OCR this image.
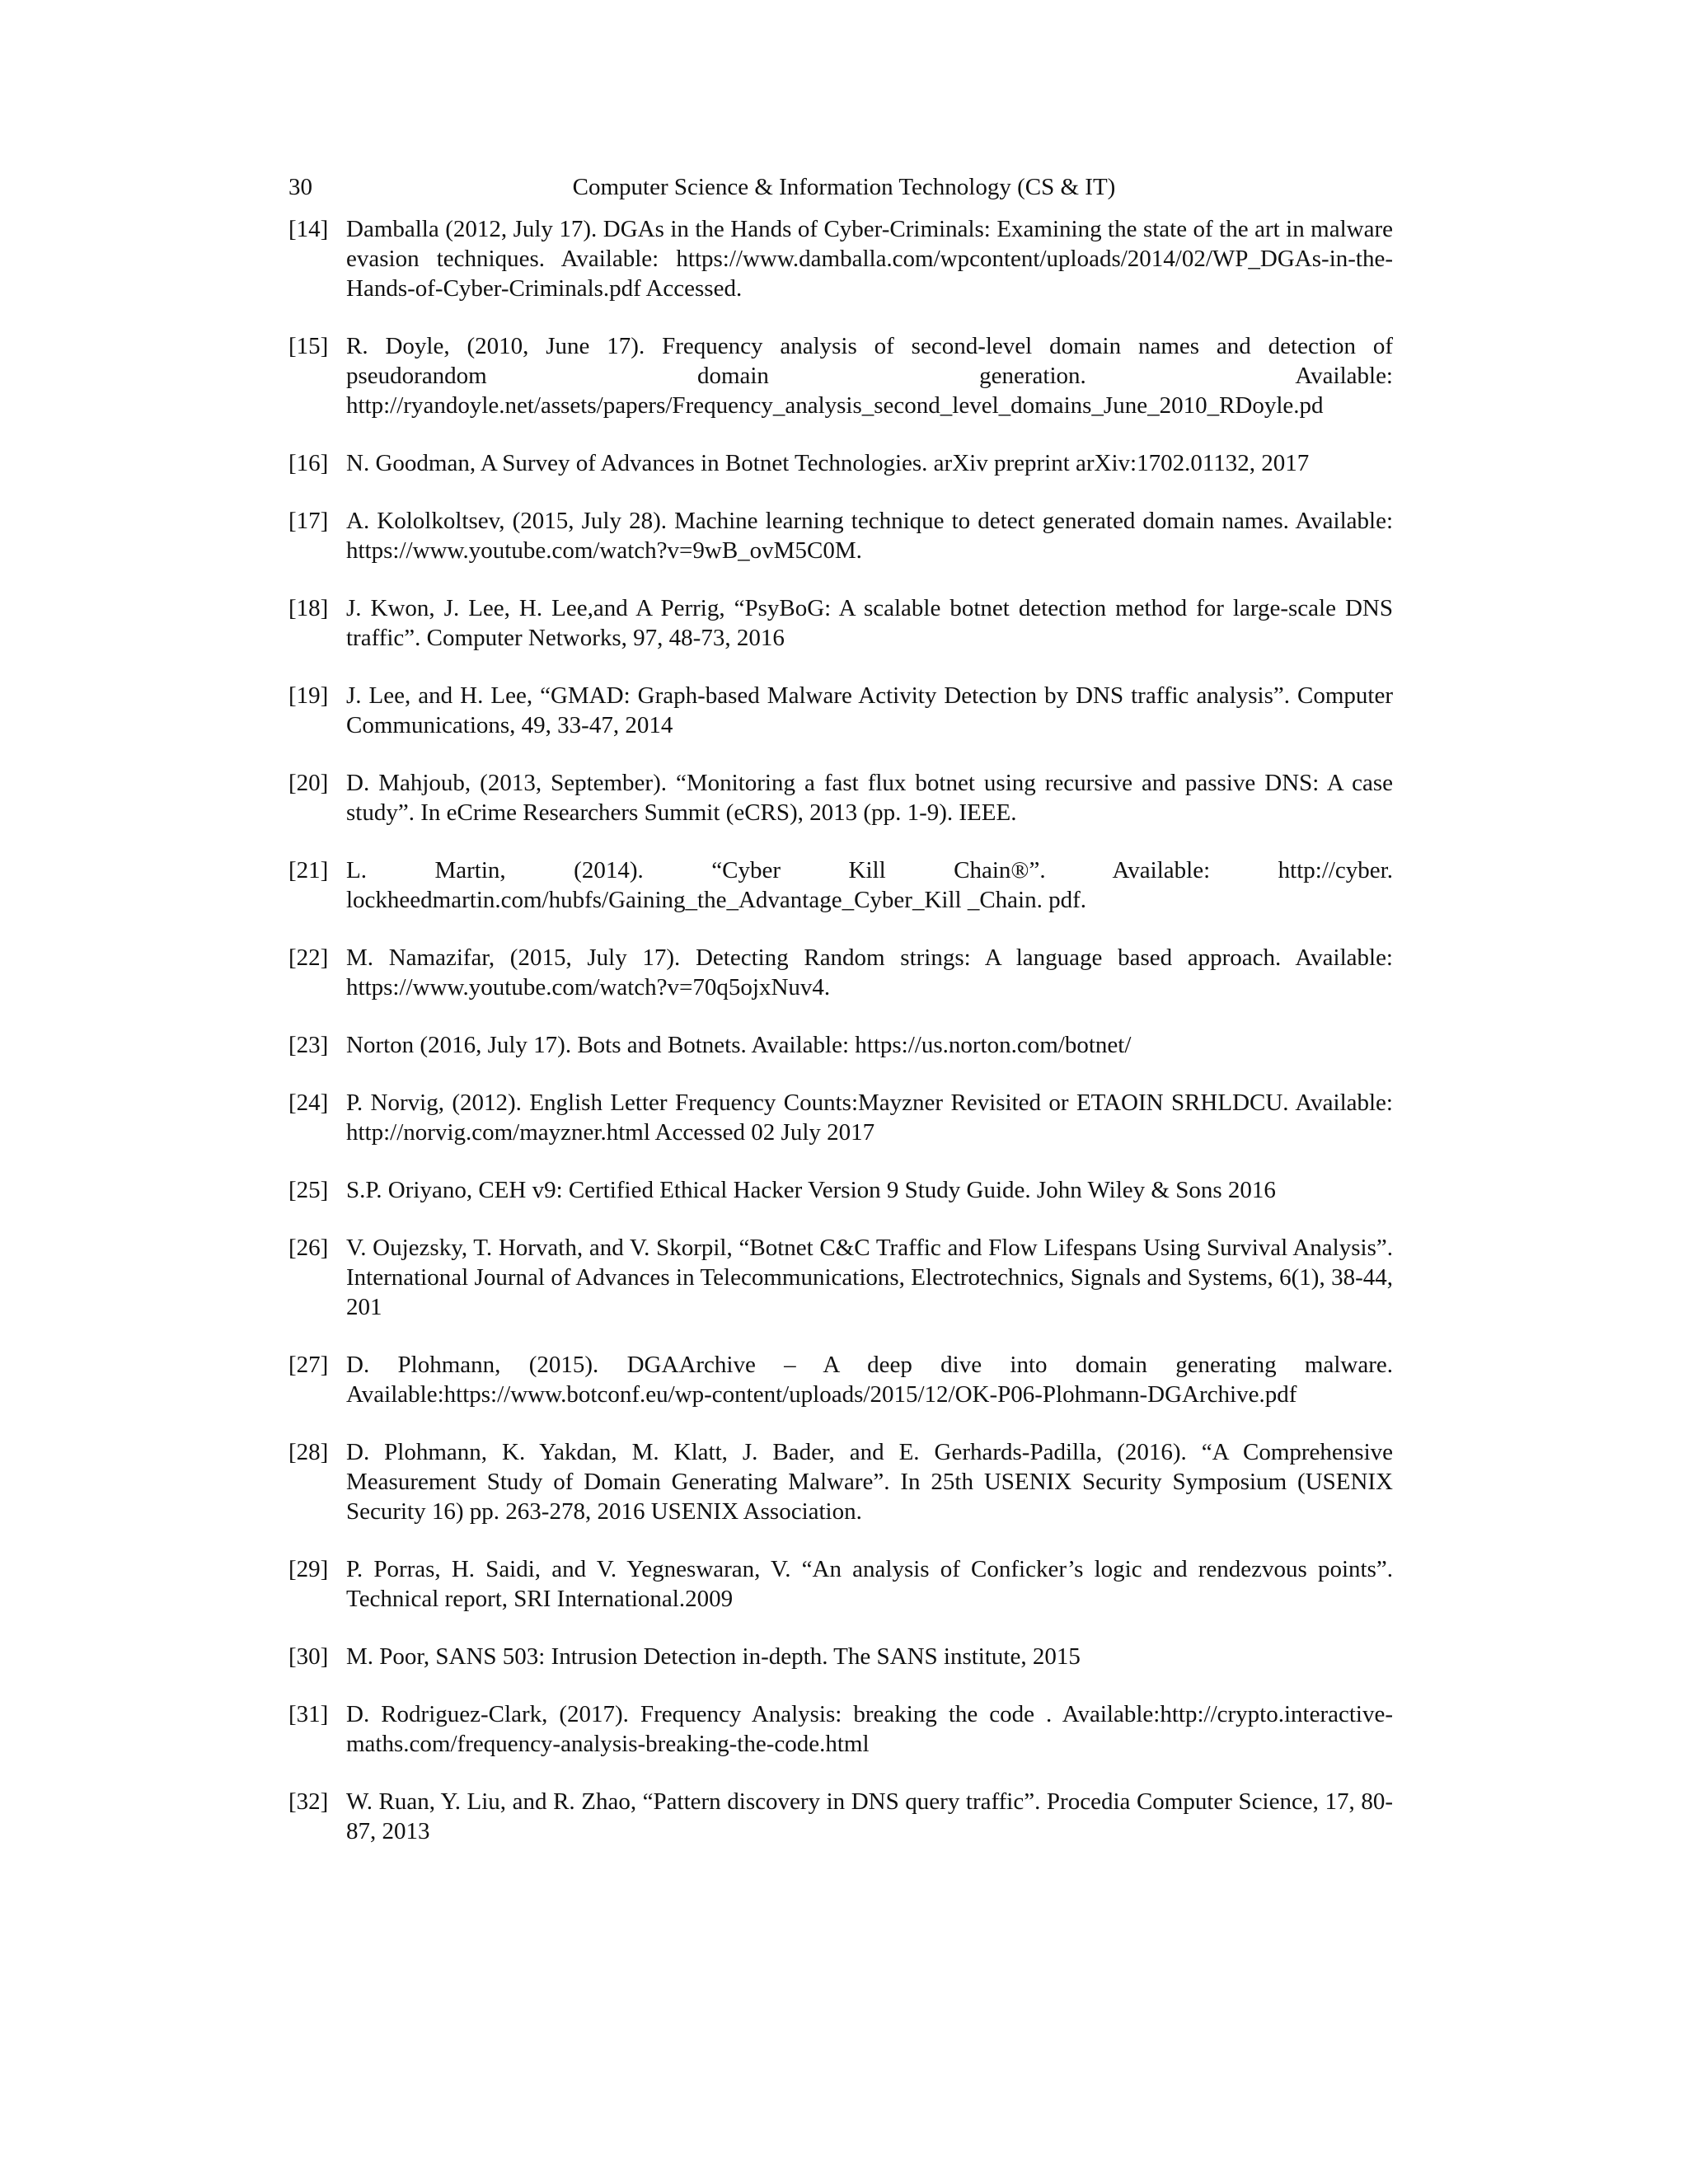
30	Computer Science & Information Technology (CS & IT)
[14] Damballa (2012, July 17). DGAs in the Hands of Cyber-Criminals: Examining the state of the art in malware evasion techniques. Available: https://www.damballa.com/wpcontent/uploads/2014/02/WP_DGAs-in-the-Hands-of-Cyber-Criminals.pdf Accessed.
[15] R. Doyle, (2010, June 17). Frequency analysis of second-level domain names and detection of pseudorandom domain generation. Available: http://ryandoyle.net/assets/papers/Frequency_analysis_second_level_domains_June_2010_RDoyle.pd
[16] N. Goodman, A Survey of Advances in Botnet Technologies. arXiv preprint arXiv:1702.01132, 2017
[17] A. Kololkoltsev, (2015, July 28). Machine learning technique to detect generated domain names. Available: https://www.youtube.com/watch?v=9wB_ovM5C0M.
[18] J. Kwon, J. Lee, H. Lee,and A Perrig, “PsyBoG: A scalable botnet detection method for large-scale DNS traffic”. Computer Networks, 97, 48-73, 2016
[19] J. Lee, and H. Lee, “GMAD: Graph-based Malware Activity Detection by DNS traffic analysis”. Computer Communications, 49, 33-47, 2014
[20] D. Mahjoub, (2013, September). “Monitoring a fast flux botnet using recursive and passive DNS: A case study”. In eCrime Researchers Summit (eCRS), 2013 (pp. 1-9). IEEE.
[21] L. Martin, (2014). “Cyber Kill Chain®”. Available: http://cyber. lockheedmartin.com/hubfs/Gaining_the_Advantage_Cyber_Kill _Chain. pdf.
[22] M. Namazifar, (2015, July 17). Detecting Random strings: A language based approach. Available: https://www.youtube.com/watch?v=70q5ojxNuv4.
[23] Norton (2016, July 17). Bots and Botnets. Available: https://us.norton.com/botnet/
[24] P. Norvig, (2012). English Letter Frequency Counts:Mayzner Revisited or ETAOIN SRHLDCU. Available: http://norvig.com/mayzner.html Accessed 02 July 2017
[25] S.P. Oriyano, CEH v9: Certified Ethical Hacker Version 9 Study Guide. John Wiley & Sons 2016
[26] V. Oujezsky, T. Horvath, and V. Skorpil, “Botnet C&C Traffic and Flow Lifespans Using Survival Analysis”. International Journal of Advances in Telecommunications, Electrotechnics, Signals and Systems, 6(1), 38-44, 201
[27] D. Plohmann, (2015). DGAArchive – A deep dive into domain generating malware. Available:https://www.botconf.eu/wp-content/uploads/2015/12/OK-P06-Plohmann-DGArchive.pdf
[28] D. Plohmann, K. Yakdan, M. Klatt, J. Bader, and E. Gerhards-Padilla, (2016). “A Comprehensive Measurement Study of Domain Generating Malware”. In 25th USENIX Security Symposium (USENIX Security 16) pp. 263-278, 2016 USENIX Association.
[29] P. Porras, H. Saidi, and V. Yegneswaran, V. “An analysis of Conficker’s logic and rendezvous points”. Technical report, SRI International.2009
[30] M. Poor, SANS 503: Intrusion Detection in-depth. The SANS institute, 2015
[31] D. Rodriguez-Clark, (2017). Frequency Analysis: breaking the code . Available:http://crypto.interactive-maths.com/frequency-analysis-breaking-the-code.html
[32] W. Ruan, Y. Liu, and R. Zhao, “Pattern discovery in DNS query traffic”. Procedia Computer Science, 17, 80-87, 2013
